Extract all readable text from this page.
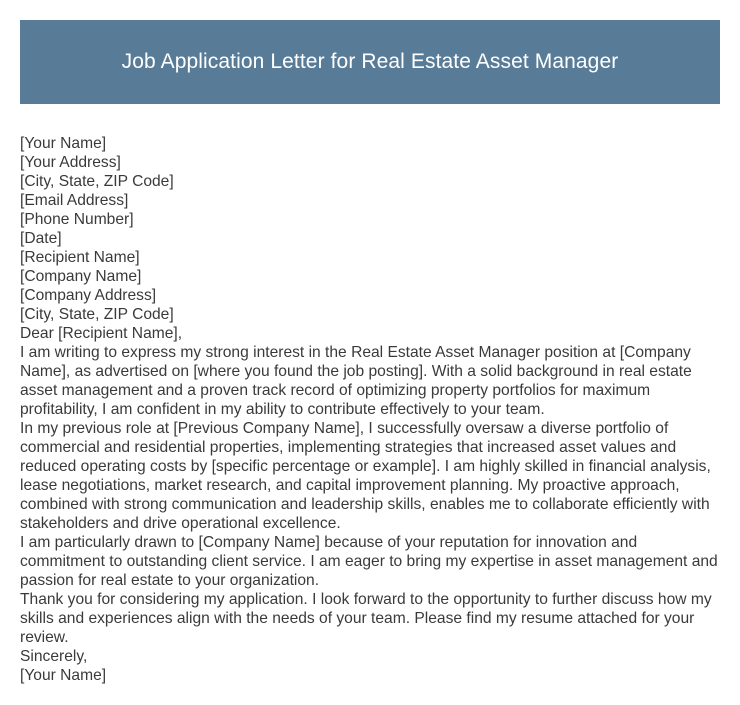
Job Application Letter for Real Estate Asset Manager

[Your Name]

[Your Address]

[City, State, ZIP Code]

[Email Address]

[Phone Number]

[Date]

[Recipient Name]

[Company Name]

[Company Address]

[City, State, ZIP Code]

Dear [Recipient Name],

I am writing to express my strong interest in the Real Estate Asset Manager position at [Company Name], as advertised on [where you found the job posting]. With a solid background in real estate asset management and a proven track record of optimizing property portfolios for maximum profitability, I am confident in my ability to contribute effectively to your team.

In my previous role at [Previous Company Name], I successfully oversaw a diverse portfolio of commercial and residential properties, implementing strategies that increased asset values and reduced operating costs by [specific percentage or example]. I am highly skilled in financial analysis, lease negotiations, market research, and capital improvement planning. My proactive approach, combined with strong communication and leadership skills, enables me to collaborate efficiently with stakeholders and drive operational excellence.

I am particularly drawn to [Company Name] because of your reputation for innovation and commitment to outstanding client service. I am eager to bring my expertise in asset management and passion for real estate to your organization.

Thank you for considering my application. I look forward to the opportunity to further discuss how my skills and experiences align with the needs of your team. Please find my resume attached for your review.

Sincerely,

[Your Name]
